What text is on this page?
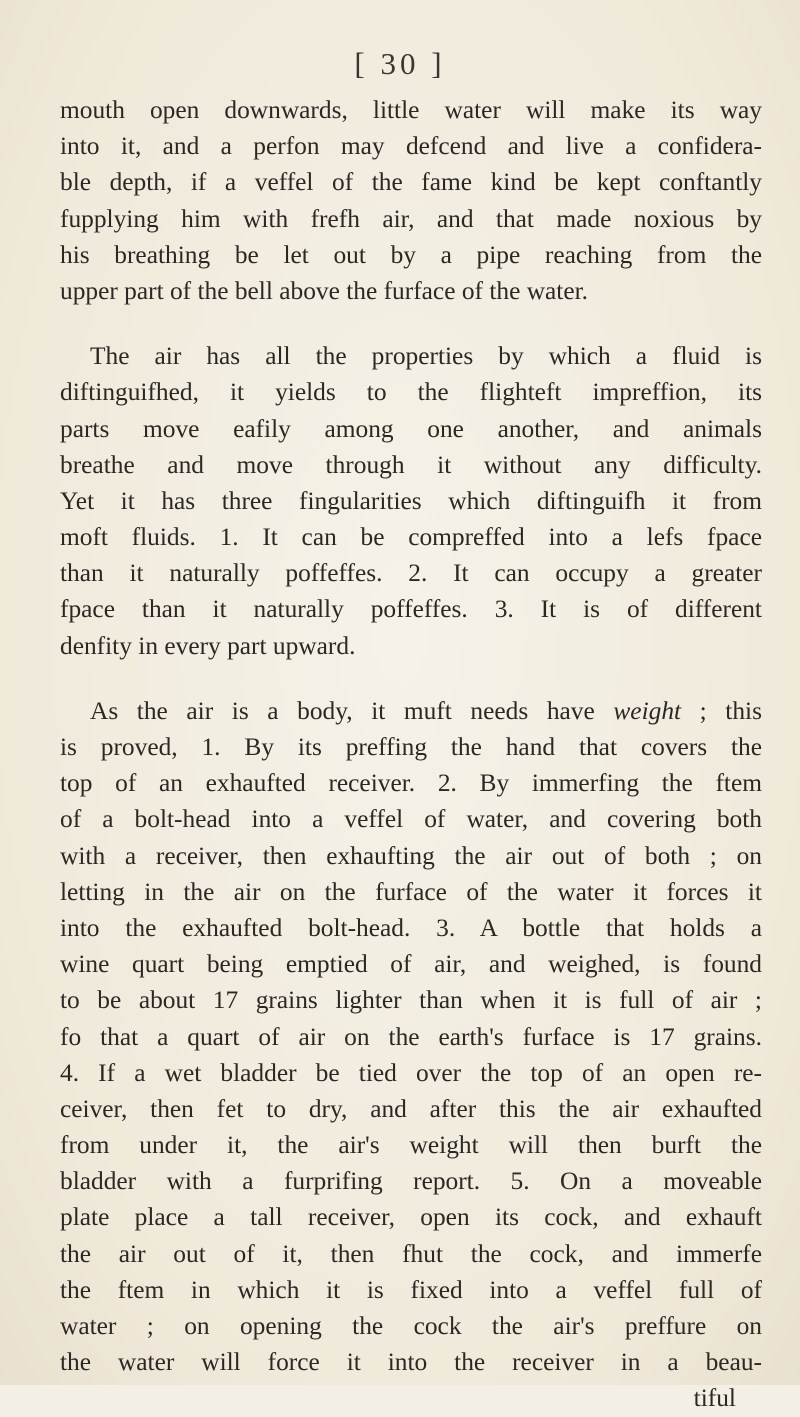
[ 30 ]
mouth open downwards, little water will make its way
into it, and a perfon may defcend and live a confidera-
ble depth, if a veffel of the fame kind be kept conftantly
fupplying him with frefh air, and that made noxious by
his breathing be let out by a pipe reaching from the
upper part of the bell above the furface of the water.
The air has all the properties by which a fluid is
diftinguifhed, it yields to the flighteft impreffion, its
parts move eafily among one another, and animals
breathe and move through it without any difficulty.
Yet it has three fingularities which diftinguifh it from
moft fluids. 1. It can be compreffed into a lefs fpace
than it naturally poffeffes. 2. It can occupy a greater
fpace than it naturally poffeffes. 3. It is of different
denfity in every part upward.
As the air is a body, it muft needs have weight ; this
is proved, 1. By its preffing the hand that covers the
top of an exhaufted receiver. 2. By immerfing the ftem
of a bolt-head into a veffel of water, and covering both
with a receiver, then exhaufting the air out of both ; on
letting in the air on the furface of the water it forces it
into the exhaufted bolt-head. 3. A bottle that holds a
wine quart being emptied of air, and weighed, is found
to be about 17 grains lighter than when it is full of air ;
fo that a quart of air on the earth's furface is 17 grains.
4. If a wet bladder be tied over the top of an open re-
ceiver, then fet to dry, and after this the air exhaufted
from under it, the air's weight will then burft the
bladder with a furprifing report. 5. On a moveable
plate place a tall receiver, open its cock, and exhauft
the air out of it, then fhut the cock, and immerfe
the ftem in which it is fixed into a veffel full of
water ; on opening the cock the air's preffure on
the water will force it into the receiver in a beau-
tiful
